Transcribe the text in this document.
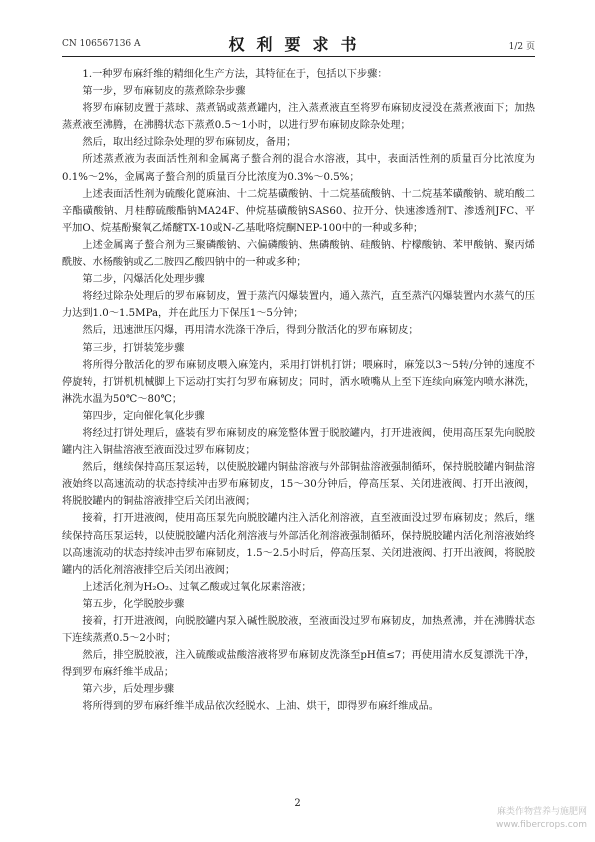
CN 106567136 A	权利要求书	1/2 页

1.一种罗布麻纤维的精细化生产方法，其特征在于，包括以下步骤：

第一步，罗布麻韧皮的蒸煮除杂步骤

将罗布麻韧皮置于蒸球、蒸煮锅或蒸煮罐内，注入蒸煮液直至将罗布麻韧皮浸没在蒸煮液面下；加热蒸煮液至沸腾，在沸腾状态下蒸煮0.5～1小时，以进行罗布麻韧皮除杂处理；

然后，取出经过除杂处理的罗布麻韧皮，备用；

所述蒸煮液为表面活性剂和金属离子螯合剂的混合水溶液，其中，表面活性剂的质量百分比浓度为0.1%～2%，金属离子螯合剂的质量百分比浓度为0.3%～0.5%；

上述表面活性剂为硫酸化蓖麻油、十二烷基磺酸钠、十二烷基硫酸钠、十二烷基苯磺酸钠、琥珀酸二辛酯磺酸钠、月桂醇硫酸酯钠MA24F、仲烷基磺酸钠SAS60、拉开分、快速渗透剂T、渗透剂JFC、平平加O、烷基酚聚氧乙烯醚TX-10或N-乙基吡咯烷酮NEP-100中的一种或多种；

上述金属离子螯合剂为三聚磷酸钠、六偏磷酸钠、焦磷酸钠、硅酸钠、柠檬酸钠、苯甲酸钠、聚丙烯酰胺、水杨酸钠或乙二胺四乙酸四钠中的一种或多种；

第二步，闪爆活化处理步骤

将经过除杂处理后的罗布麻韧皮，置于蒸汽闪爆装置内，通入蒸汽，直至蒸汽闪爆装置内水蒸气的压力达到1.0～1.5MPa，并在此压力下保压1～5分钟；

然后，迅速泄压闪爆，再用清水洗涤干净后，得到分散活化的罗布麻韧皮；

第三步，打饼装笼步骤

将所得分散活化的罗布麻韧皮喂入麻笼内，采用打饼机打饼；喂麻时，麻笼以3～5转/分钟的速度不停旋转，打饼机机械脚上下运动打实打匀罗布麻韧皮；同时，洒水喷嘴从上至下连续向麻笼内喷水淋洗，淋洗水温为50℃～80℃；

第四步，定向催化氧化步骤

将经过打饼处理后，盛装有罗布麻韧皮的麻笼整体置于脱胶罐内，打开进液阀，使用高压泵先向脱胶罐内注入铜盐溶液至液面没过罗布麻韧皮；

然后，继续保持高压泵运转，以使脱胶罐内铜盐溶液与外部铜盐溶液强制循环，保持脱胶罐内铜盐溶液始终以高速流动的状态持续冲击罗布麻韧皮，15～30分钟后，停高压泵、关闭进液阀、打开出液阀，将脱胶罐内的铜盐溶液排空后关闭出液阀；

接着，打开进液阀，使用高压泵先向脱胶罐内注入活化剂溶液，直至液面没过罗布麻韧皮；然后，继续保持高压泵运转，以使脱胶罐内活化剂溶液与外部活化剂溶液强制循环，保持脱胶罐内活化剂溶液始终以高速流动的状态持续冲击罗布麻韧皮，1.5～2.5小时后，停高压泵、关闭进液阀、打开出液阀，将脱胶罐内的活化剂溶液排空后关闭出液阀；

上述活化剂为H₂O₂、过氧乙酸或过氧化尿素溶液；

第五步，化学脱胶步骤

接着，打开进液阀，向脱胶罐内泵入碱性脱胶液，至液面没过罗布麻韧皮，加热煮沸，并在沸腾状态下连续蒸煮0.5～2小时；

然后，排空脱胶液，注入硫酸或盐酸溶液将罗布麻韧皮洗涤至pH值≤7；再使用清水反复漂洗干净，得到罗布麻纤维半成品；

第六步，后处理步骤

将所得到的罗布麻纤维半成品依次经脱水、上油、烘干，即得罗布麻纤维成品。

2
麻类作物营养与施肥网
www.fibercrops.com
